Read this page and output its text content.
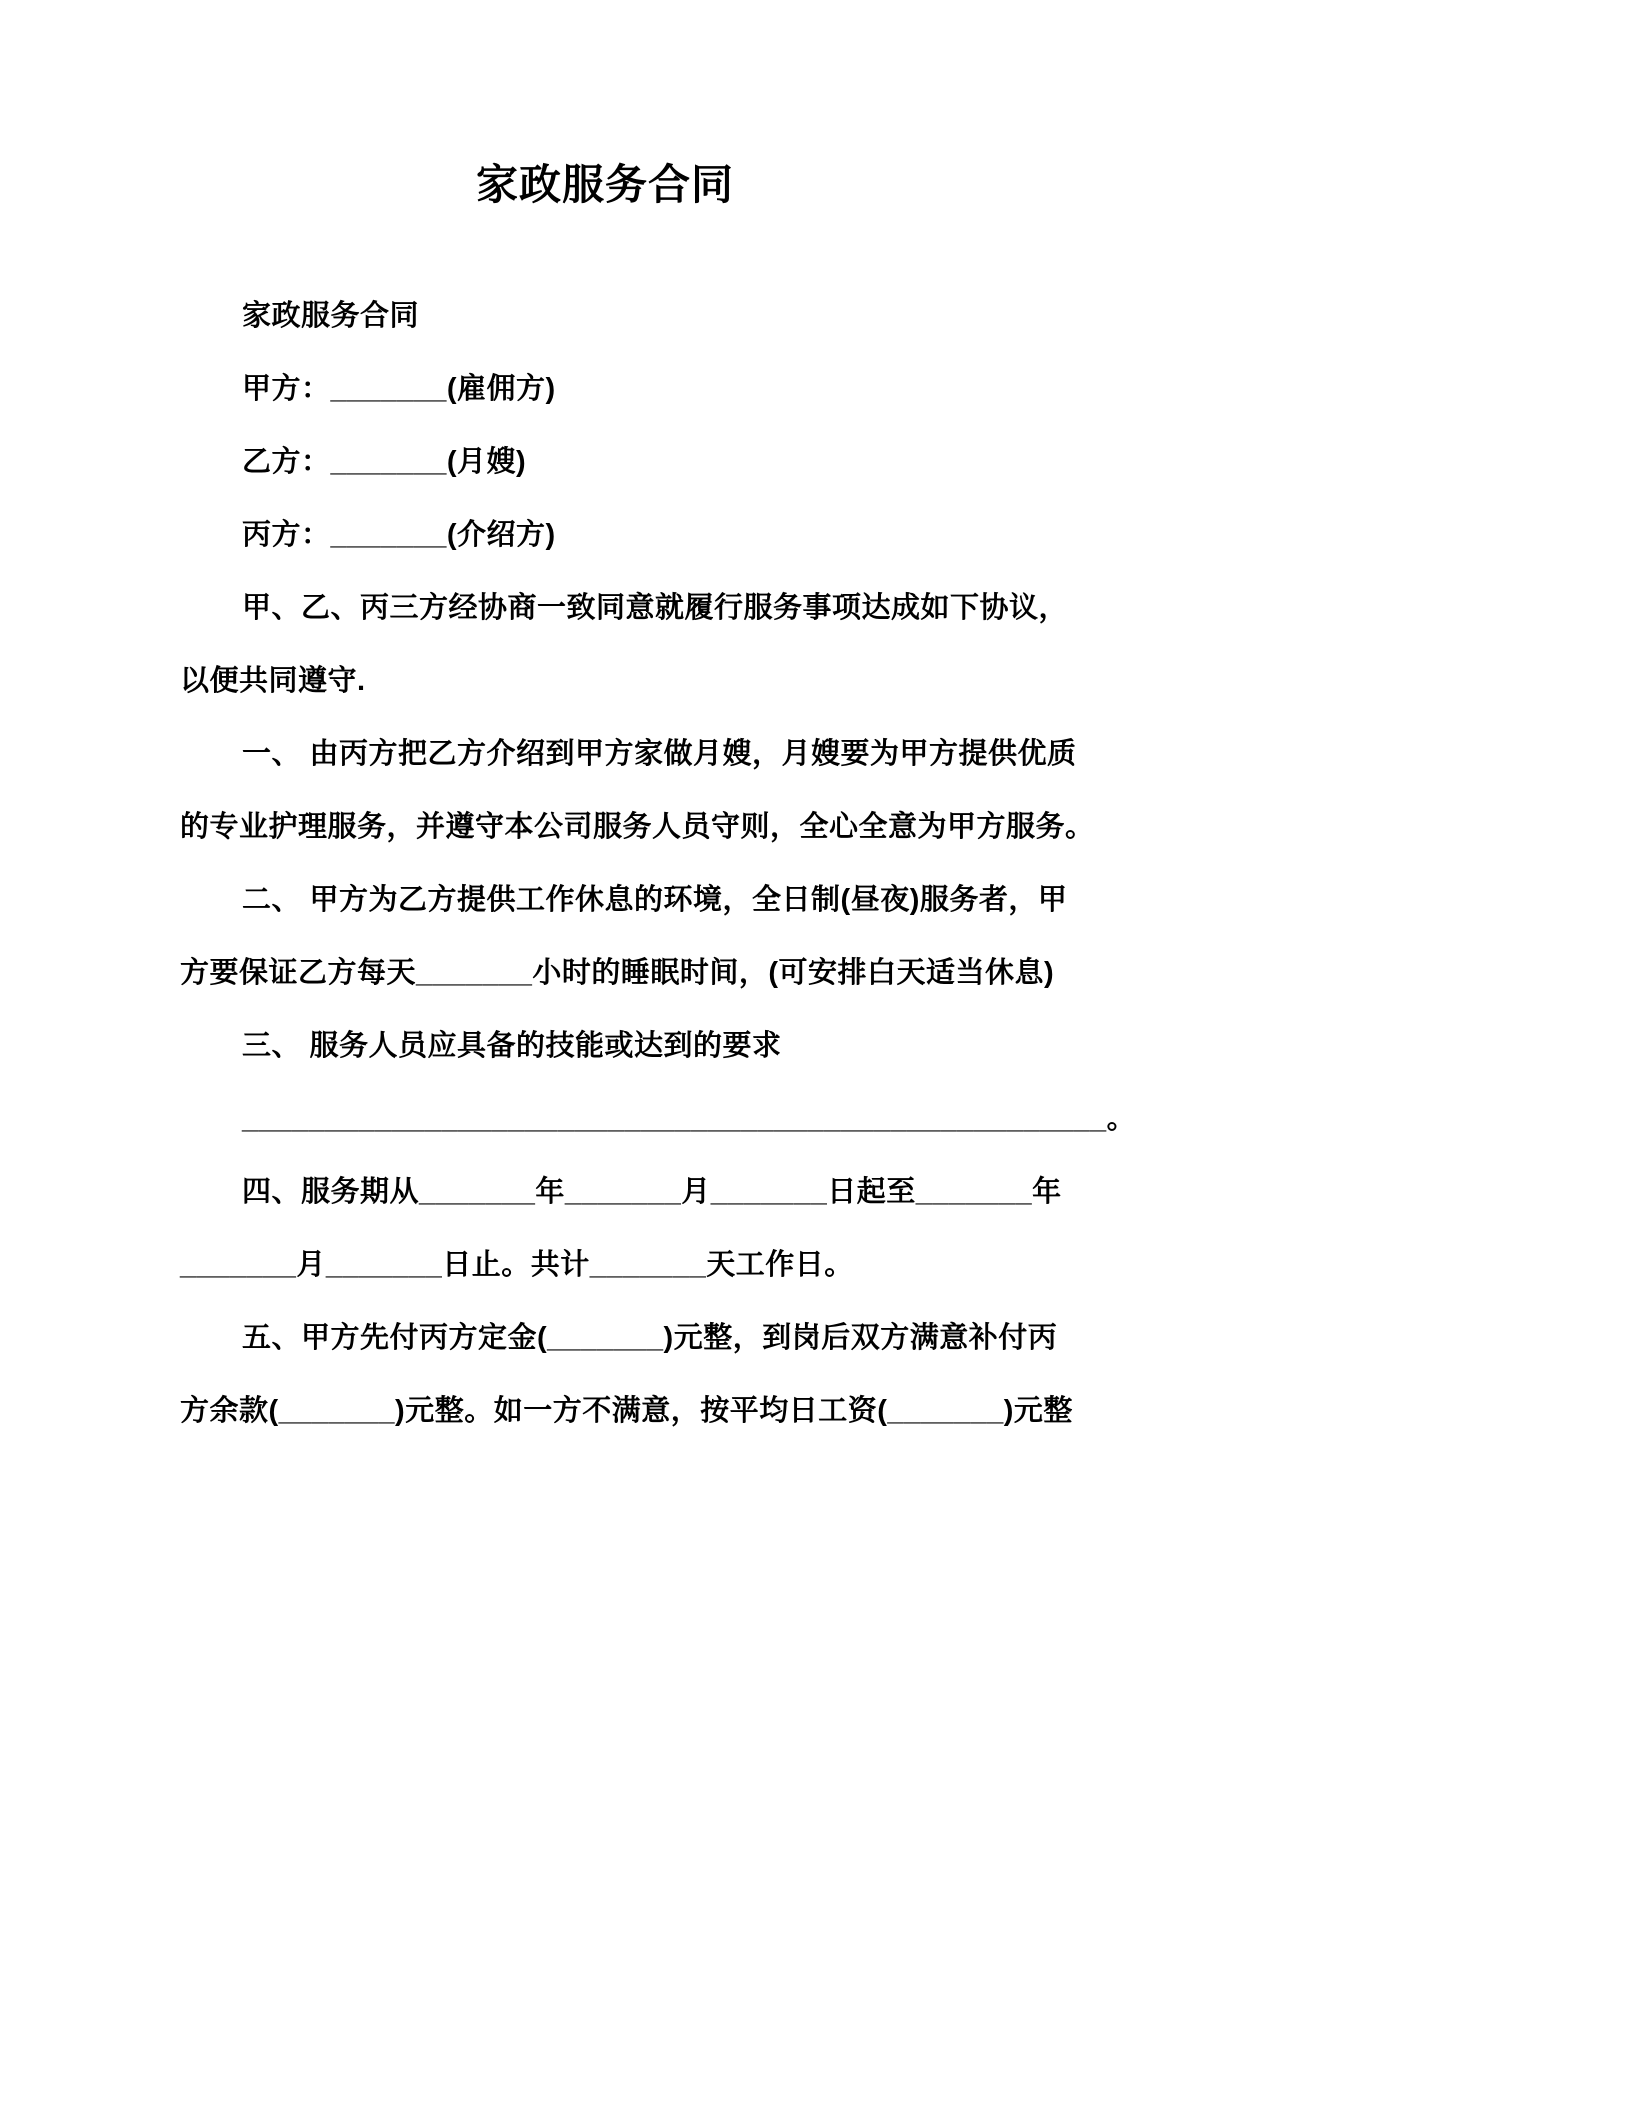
家政服务合同
家政服务合同
甲方：_______(雇佣方)
乙方：_______(月嫂)
丙方：_______(介绍方)
甲、乙、丙三方经协商一致同意就履行服务事项达成如下协议，
以便共同遵守.
一、 由丙方把乙方介绍到甲方家做月嫂，月嫂要为甲方提供优质
的专业护理服务，并遵守本公司服务人员守则，全心全意为甲方服务。
二、 甲方为乙方提供工作休息的环境，全日制(昼夜)服务者，甲
方要保证乙方每天_______小时的睡眠时间，(可安排白天适当休息)
三、 服务人员应具备的技能或达到的要求
____________________________________________________。
四、服务期从_______年_______月_______日起至_______年
_______月_______日止。共计_______天工作日。
五、甲方先付丙方定金(_______)元整，到岗后双方满意补付丙
方余款(_______)元整。如一方不满意，按平均日工资(_______)元整
